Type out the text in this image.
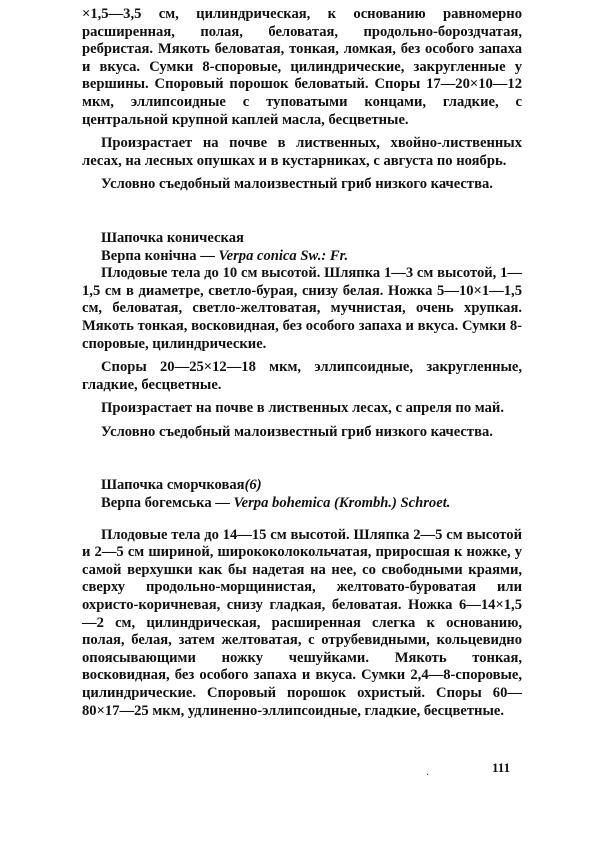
×1,5—3,5 см, цилиндрическая, к основанию равномерно расширенная, полая, беловатая, продольно-бороздчатая, ребристая. Мякоть беловатая, тонкая, ломкая, без особого запаха и вкуса. Сумки 8-споровые, цилиндрические, закругленные у вершины. Споровый порошок беловатый. Споры 17—20×10—12 мкм, эллипсоидные с туповатыми концами, гладкие, с центральной крупной каплей масла, бесцветные.

Произрастает на почве в лиственных, хвойно-лиственных лесах, на лесных опушках и в кустарниках, с августа по ноябрь.

Условно съедобный малоизвестный гриб низкого качества.

Шапочка коническая

Верпа конічна — Verpa conica Sw.: Fr.

Плодовые тела до 10 см высотой. Шляпка 1—3 см высотой, 1—1,5 см в диаметре, светло-бурая, снизу белая. Ножка 5—10×1—1,5 см, беловатая, светло-желтоватая, мучнистая, очень хрупкая. Мякоть тонкая, восковидная, без особого запаха и вкуса. Сумки 8-споровые, цилиндрические.

Споры 20—25×12—18 мкм, эллипсоидные, закругленные, гладкие, бесцветные.

Произрастает на почве в лиственных лесах, с апреля по май.

Условно съедобный малоизвестный гриб низкого качества.

Шапочка сморчковая(6)

Верпа богемська — Verpa bohemica (Krombh.) Schroet.

Плодовые тела до 14—15 см высотой. Шляпка 2—5 см высотой и 2—5 см шириной, ширококолокольчатая, приросшая к ножке, у самой верхушки как бы надетая на нее, со свободными краями, сверху продольно-морщинистая, желтовато-буроватая или охристо-коричневая, снизу гладкая, беловатая. Ножка 6—14×1,5—2 см, цилиндрическая, расширенная слегка к основанию, полая, белая, затем желтоватая, с отрубевидными, кольцевидно опоясывающими ножку чешуйками. Мякоть тонкая, восковидная, без особого запаха и вкуса. Сумки 2,4—8-споровые, цилиндрические. Споровый порошок охристый. Споры 60—80×17—25 мкм, удлиненно-эллипсоидные, гладкие, бесцветные.

·
111
